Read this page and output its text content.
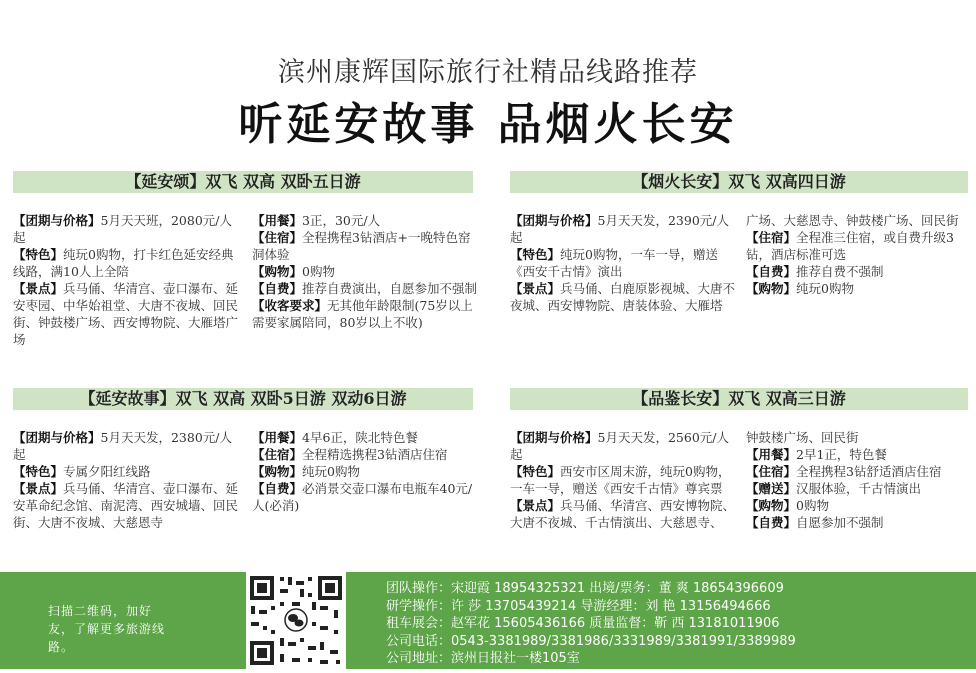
滨州康辉国际旅行社精品线路推荐
听延安故事 品烟火长安
【延安颂】双飞 双高 双卧五日游

【团期与价格】5月天天班，2080元/人起

【特色】纯玩0购物，打卡红色延安经典线路，满10人上全陪

【景点】兵马俑、华清宫、壶口瀑布、延安枣园、中华始祖堂、大唐不夜城、回民街、钟鼓楼广场、西安博物院、大雁塔广场

【用餐】3正，30元/人

【住宿】全程携程3钻酒店+一晚特色窑洞体验

【购物】0购物

【自费】推荐自费演出，自愿参加不强制

【收客要求】无其他年龄限制(75岁以上需要家属陪同，80岁以上不收)

【烟火长安】双飞 双高四日游

【团期与价格】5月天天发，2390元/人起

【特色】纯玩0购物，一车一导，赠送《西安千古情》演出

【景点】兵马俑、白鹿原影视城、大唐不夜城、西安博物院、唐装体验、大雁塔

广场、大慈恩寺、钟鼓楼广场、回民街

【住宿】全程准三住宿，或自费升级3钻，酒店标准可选

【自费】推荐自费不强制

【购物】纯玩0购物

【延安故事】双飞 双高 双卧5日游 双动6日游

【团期与价格】5月天天发，2380元/人起

【特色】专属夕阳红线路

【景点】兵马俑、华清宫、壶口瀑布、延安革命纪念馆、南泥湾、西安城墙、回民街、大唐不夜城、大慈恩寺

【用餐】4早6正，陕北特色餐

【住宿】全程精选携程3钻酒店住宿

【购物】纯玩0购物

【自费】必消景交壶口瀑布电瓶车40元/人(必消)

【品鉴长安】双飞 双高三日游

【团期与价格】5月天天发，2560元/人起

【特色】西安市区周末游，纯玩0购物，一车一导，赠送《西安千古情》尊宾票

【景点】兵马俑、华清宫、西安博物院、大唐不夜城、千古情演出、大慈恩寺、

钟鼓楼广场、回民街

【用餐】2早1正，特色餐

【住宿】全程携程3钻舒适酒店住宿

【赠送】汉服体验，千古情演出

【购物】0购物

【自费】自愿参加不强制

扫描二维码，加好友，了解更多旅游线路。
团队操作：宋迎霞 18954325321 出境/票务：董 爽 18654396609
研学操作：许 莎 13705439214 导游经理：刘 艳 13156494666
租车展会：赵军花 15605436166 质量监督：靳 西 13181011906
公司电话：0543-3381989/3381986/3331989/3381991/3389989
公司地址：滨州日报社一楼105室
